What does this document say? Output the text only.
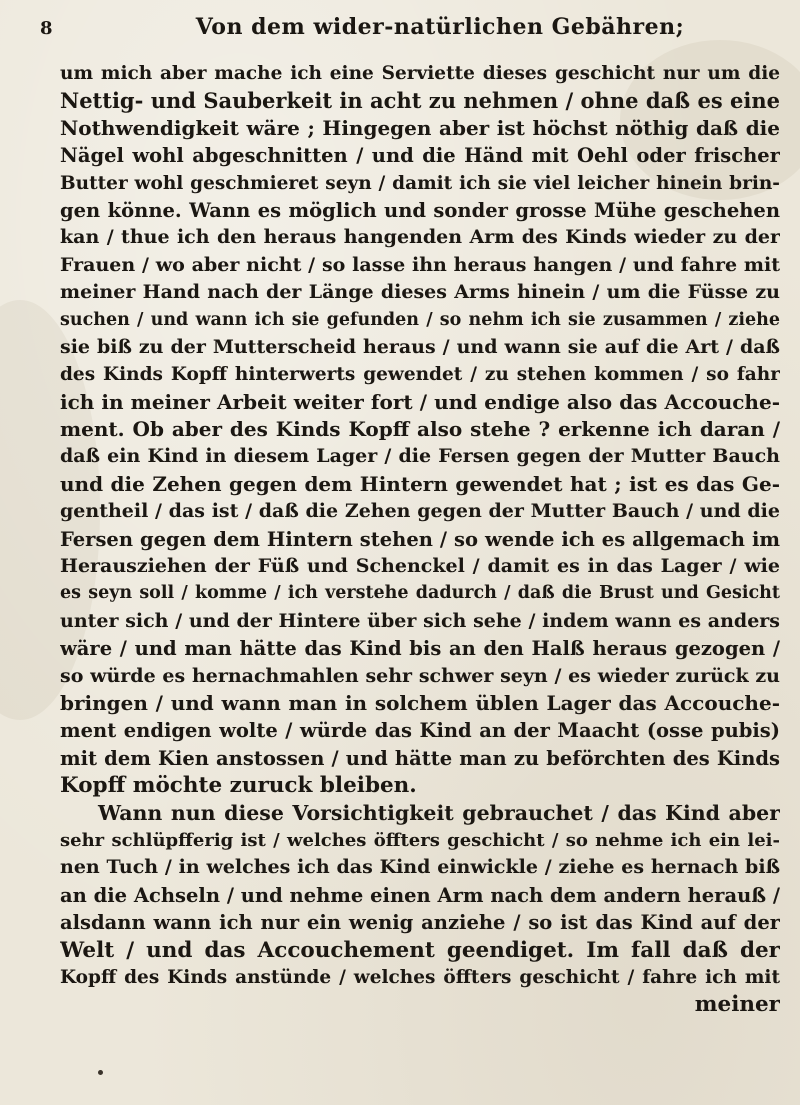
8	Von dem wider-natürlichen Gebähren;
um mich aber mache ich eine Serviette dieses geschicht nur um die
Nettig- und Sauberkeit in acht zu nehmen / ohne daß es eine
Nothwendigkeit wäre ; Hingegen aber ist höchst nöthig daß die
Nägel wohl abgeschnitten / und die Händ mit Oehl oder frischer
Butter wohl geschmieret seyn / damit ich sie viel leicher hinein brin-
gen könne. Wann es möglich und sonder grosse Mühe geschehen
kan / thue ich den heraus hangenden Arm des Kinds wieder zu der
Frauen / wo aber nicht / so lasse ihn heraus hangen / und fahre mit
meiner Hand nach der Länge dieses Arms hinein / um die Füsse zu
suchen / und wann ich sie gefunden / so nehm ich sie zusammen / ziehe
sie biß zu der Mutterscheid heraus / und wann sie auf die Art / daß
des Kinds Kopff hinterwerts gewendet / zu stehen kommen / so fahr
ich in meiner Arbeit weiter fort / und endige also das Accouche-
ment. Ob aber des Kinds Kopff also stehe ? erkenne ich daran /
daß ein Kind in diesem Lager / die Fersen gegen der Mutter Bauch
und die Zehen gegen dem Hintern gewendet hat ; ist es das Ge-
gentheil / das ist / daß die Zehen gegen der Mutter Bauch / und die
Fersen gegen dem Hintern stehen / so wende ich es allgemach im
Herausziehen der Füß und Schenckel / damit es in das Lager / wie
es seyn soll / komme / ich verstehe dadurch / daß die Brust und Gesicht
unter sich / und der Hintere über sich sehe / indem wann es anders
wäre / und man hätte das Kind bis an den Halß heraus gezogen /
so würde es hernachmahlen sehr schwer seyn / es wieder zurück zu
bringen / und wann man in solchem üblen Lager das Accouche-
ment endigen wolte / würde das Kind an der Maacht (osse pubis)
mit dem Kien anstossen / und hätte man zu beförchten des Kinds
Kopff möchte zuruck bleiben.
Wann nun diese Vorsichtigkeit gebrauchet / das Kind aber
sehr schlüpfferig ist / welches öffters geschicht / so nehme ich ein lei-
nen Tuch / in welches ich das Kind einwickle / ziehe es hernach biß
an die Achseln / und nehme einen Arm nach dem andern herauß /
alsdann wann ich nur ein wenig anziehe / so ist das Kind auf der
Welt / und das Accouchement geendiget. Im fall daß der
Kopff des Kinds anstünde / welches öffters geschicht / fahre ich mit
meiner
